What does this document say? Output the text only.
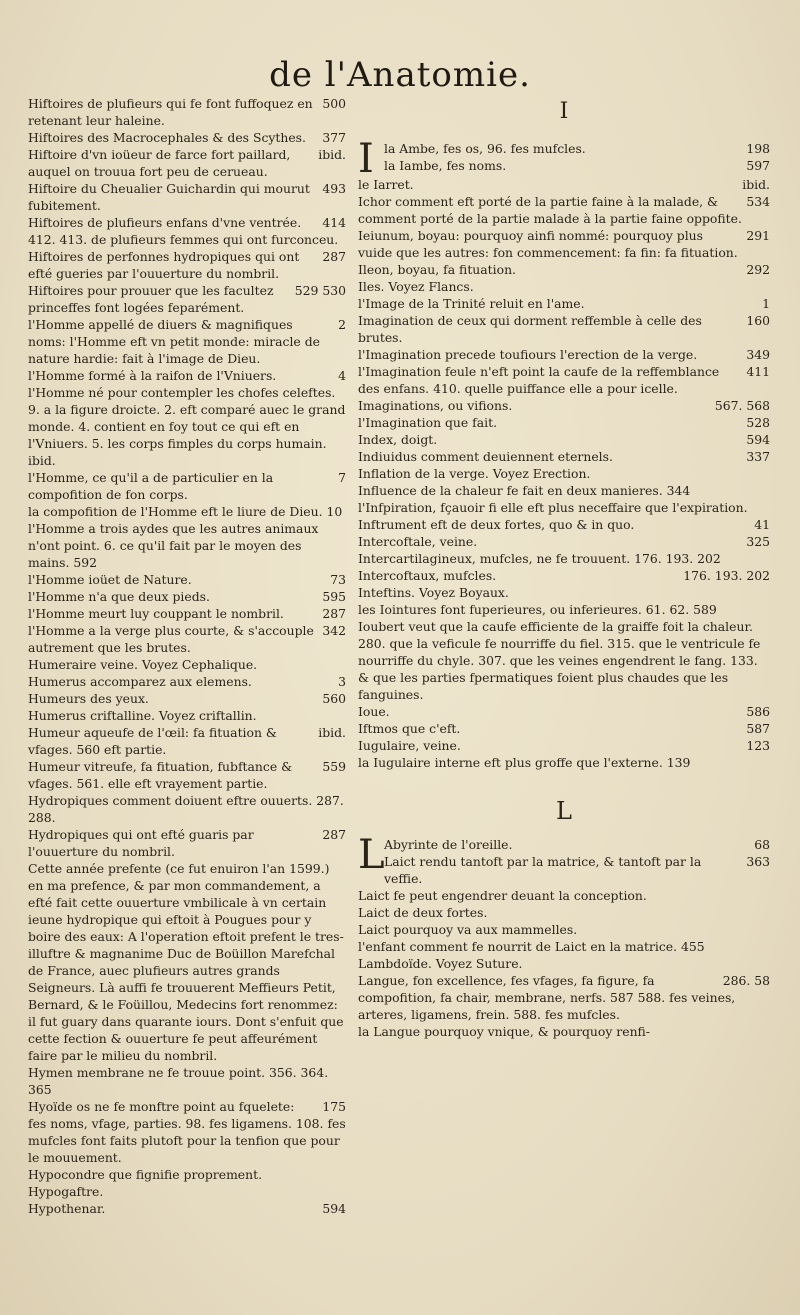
de l'Anatomie.
500
Hiftoires de plufieurs qui fe font fuffoquez en retenant leur haleine.
377
Hiftoires des Macrocephales & des Scythes.
ibid.
Hiftoire d'vn ioüeur de farce fort paillard, auquel on trouua fort peu de cerueau.
493
Hiftoire du Cheualier Guichardin qui mourut fubitement.
414
Hiftoires de plufieurs enfans d'vne ventrée. 412. 413. de plufieurs femmes qui ont furconceu.
287
Hiftoires de perfonnes hydropiques qui ont efté gueries par l'ouuerture du nombril.
529 530
Hiftoires pour prouuer que les facultez princeffes font logées feparément.
2
l'Homme appellé de diuers & magnifiques noms: l'Homme eft vn petit monde: miracle de nature hardie: fait à l'image de Dieu.
4
l'Homme formé à la raifon de l'Vniuers.
l'Homme né pour contempler les chofes celeftes. 9. a la figure droicte. 2. eft comparé auec le grand monde. 4. contient en foy tout ce qui eft en l'Vniuers. 5. les corps fimples du corps humain. ibid.
7
l'Homme, ce qu'il a de particulier en la compofition de fon corps.
la compofition de l'Homme eft le liure de Dieu. 10
l'Homme a trois aydes que les autres animaux n'ont point. 6. ce qu'il fait par le moyen des mains. 592
73
l'Homme ioüet de Nature.
595
l'Homme n'a que deux pieds.
287
l'Homme meurt luy couppant le nombril.
342
l'Homme a la verge plus courte, & s'accouple autrement que les brutes.
Humeraire veine. Voyez Cephalique.
3
Humerus accomparez aux elemens.
560
Humeurs des yeux.
Humerus criftalline. Voyez criftallin.
ibid.
Humeur aqueufe de l'œil: fa fituation & vfages. 560 eft partie.
559
Humeur vitreufe, fa fituation, fubftance & vfages. 561. elle eft vrayement partie.
Hydropiques comment doiuent eftre ouuerts. 287. 288.
287
Hydropiques qui ont efté guaris par l'ouuerture du nombril.
Cette année prefente (ce fut enuiron l'an 1599.) en ma prefence, & par mon commandement, a efté fait cette ouuerture vmbilicale à vn certain ieune hydropique qui eftoit à Pougues pour y boire des eaux: A l'operation eftoit prefent le tres-illuftre & magnanime Duc de Boüillon Marefchal de France, auec plufieurs autres grands Seigneurs. Là auffi fe trouuerent Meffieurs Petit, Bernard, & le Foüillou, Medecins fort renommez: il fut guary dans quarante iours. Dont s'enfuit que cette fection & ouuerture fe peut affeurément faire par le milieu du nombril.
Hymen membrane ne fe trouue point. 356. 364. 365
175
Hyoïde os ne fe monftre point au fquelete: fes noms, vfage, parties. 98. fes ligamens. 108. fes mufcles font faits plutoft pour la tenfion que pour le mouuement.
Hypocondre que fignifie proprement.
Hypogaftre.
594
Hypothenar.
I
I	198
la Ambe, fes os, 96. fes mufcles.
597
la Iambe, fes noms.
ibid.
le Iarret.
534
Ichor comment eft porté de la partie faine à la malade, & comment porté de la partie malade à la partie faine oppofite.
291
Ieiunum, boyau: pourquoy ainfi nommé: pourquoy plus vuide que les autres: fon commencement: fa fin: fa fituation.
292
Ileon, boyau, fa fituation.
Iles. Voyez Flancs.
1
l'Image de la Trinité reluit en l'ame.
160
Imagination de ceux qui dorment reffemble à celle des brutes.
349
l'Imagination precede toufiours l'erection de la verge.
411
l'Imagination feule n'eft point la caufe de la reffemblance des enfans. 410. quelle puiffance elle a pour icelle.
567. 568
Imaginations, ou vifions.
528
l'Imagination que fait.
594
Index, doigt.
337
Indiuidus comment deuiennent eternels.
Inflation de la verge. Voyez Erection.
Influence de la chaleur fe fait en deux manieres. 344
l'Infpiration, fçauoir fi elle eft plus neceffaire que l'expiration.
41
Inftrument eft de deux fortes, quo & in quo.
325
Intercoftale, veine.
Intercartilagineux, mufcles, ne fe trouuent. 176. 193. 202
176. 193. 202
Intercoftaux, mufcles.
Inteftins. Voyez Boyaux.
les Iointures font fuperieures, ou inferieures. 61. 62. 589
Ioubert veut que la caufe efficiente de la graiffe foit la chaleur. 280. que la veficule fe nourriffe du fiel. 315. que le ventricule fe nourriffe du chyle. 307. que les veines engendrent le fang. 133. & que les parties fpermatiques foient plus chaudes que les fanguines.
586
Ioue.
587
Iftmos que c'eft.
123
Iugulaire, veine.
la Iugulaire interne eft plus groffe que l'externe. 139
L
L	68
Abyrinte de l'oreille.
363
Laict rendu tantoft par la matrice, & tantoft par la veffie.
Laict fe peut engendrer deuant la conception.
Laict de deux fortes.
Laict pourquoy va aux mammelles.
l'enfant comment fe nourrit de Laict en la matrice. 455
Lambdoïde. Voyez Suture.
286. 58
Langue, fon excellence, fes vfages, fa figure, fa compofition, fa chair, membrane, nerfs. 587 588. fes veines, arteres, ligamens, frein. 588. fes mufcles.
la Langue pourquoy vnique, & pourquoy renfi-
